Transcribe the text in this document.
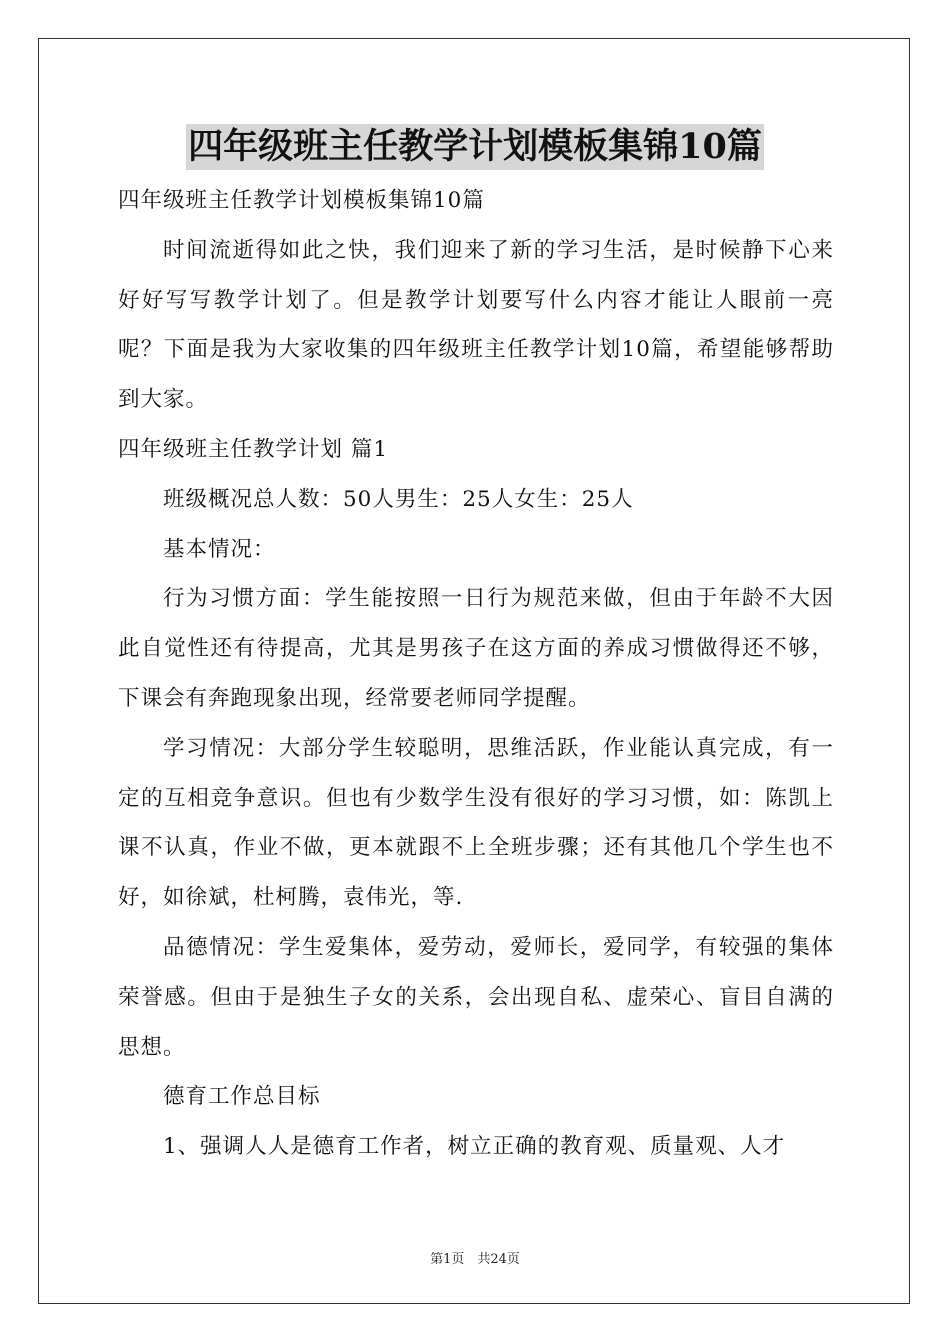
四年级班主任教学计划模板集锦10篇

四年级班主任教学计划模板集锦10篇

时间流逝得如此之快，我们迎来了新的学习生活，是时候静下心来好好写写教学计划了。但是教学计划要写什么内容才能让人眼前一亮呢？下面是我为大家收集的四年级班主任教学计划10篇，希望能够帮助到大家。

四年级班主任教学计划 篇1

班级概况总人数：50人男生：25人女生：25人

基本情况：

行为习惯方面：学生能按照一日行为规范来做，但由于年龄不大因此自觉性还有待提高，尤其是男孩子在这方面的养成习惯做得还不够，下课会有奔跑现象出现，经常要老师同学提醒。

学习情况：大部分学生较聪明，思维活跃，作业能认真完成，有一定的互相竞争意识。但也有少数学生没有很好的学习习惯，如：陈凯上课不认真，作业不做，更本就跟不上全班步骤；还有其他几个学生也不好，如徐斌，杜柯腾，袁伟光，等.

品德情况：学生爱集体，爱劳动，爱师长，爱同学，有较强的集体荣誉感。但由于是独生子女的关系，会出现自私、虚荣心、盲目自满的思想。

德育工作总目标

1、强调人人是德育工作者，树立正确的教育观、质量观、人才

第1页　共24页
